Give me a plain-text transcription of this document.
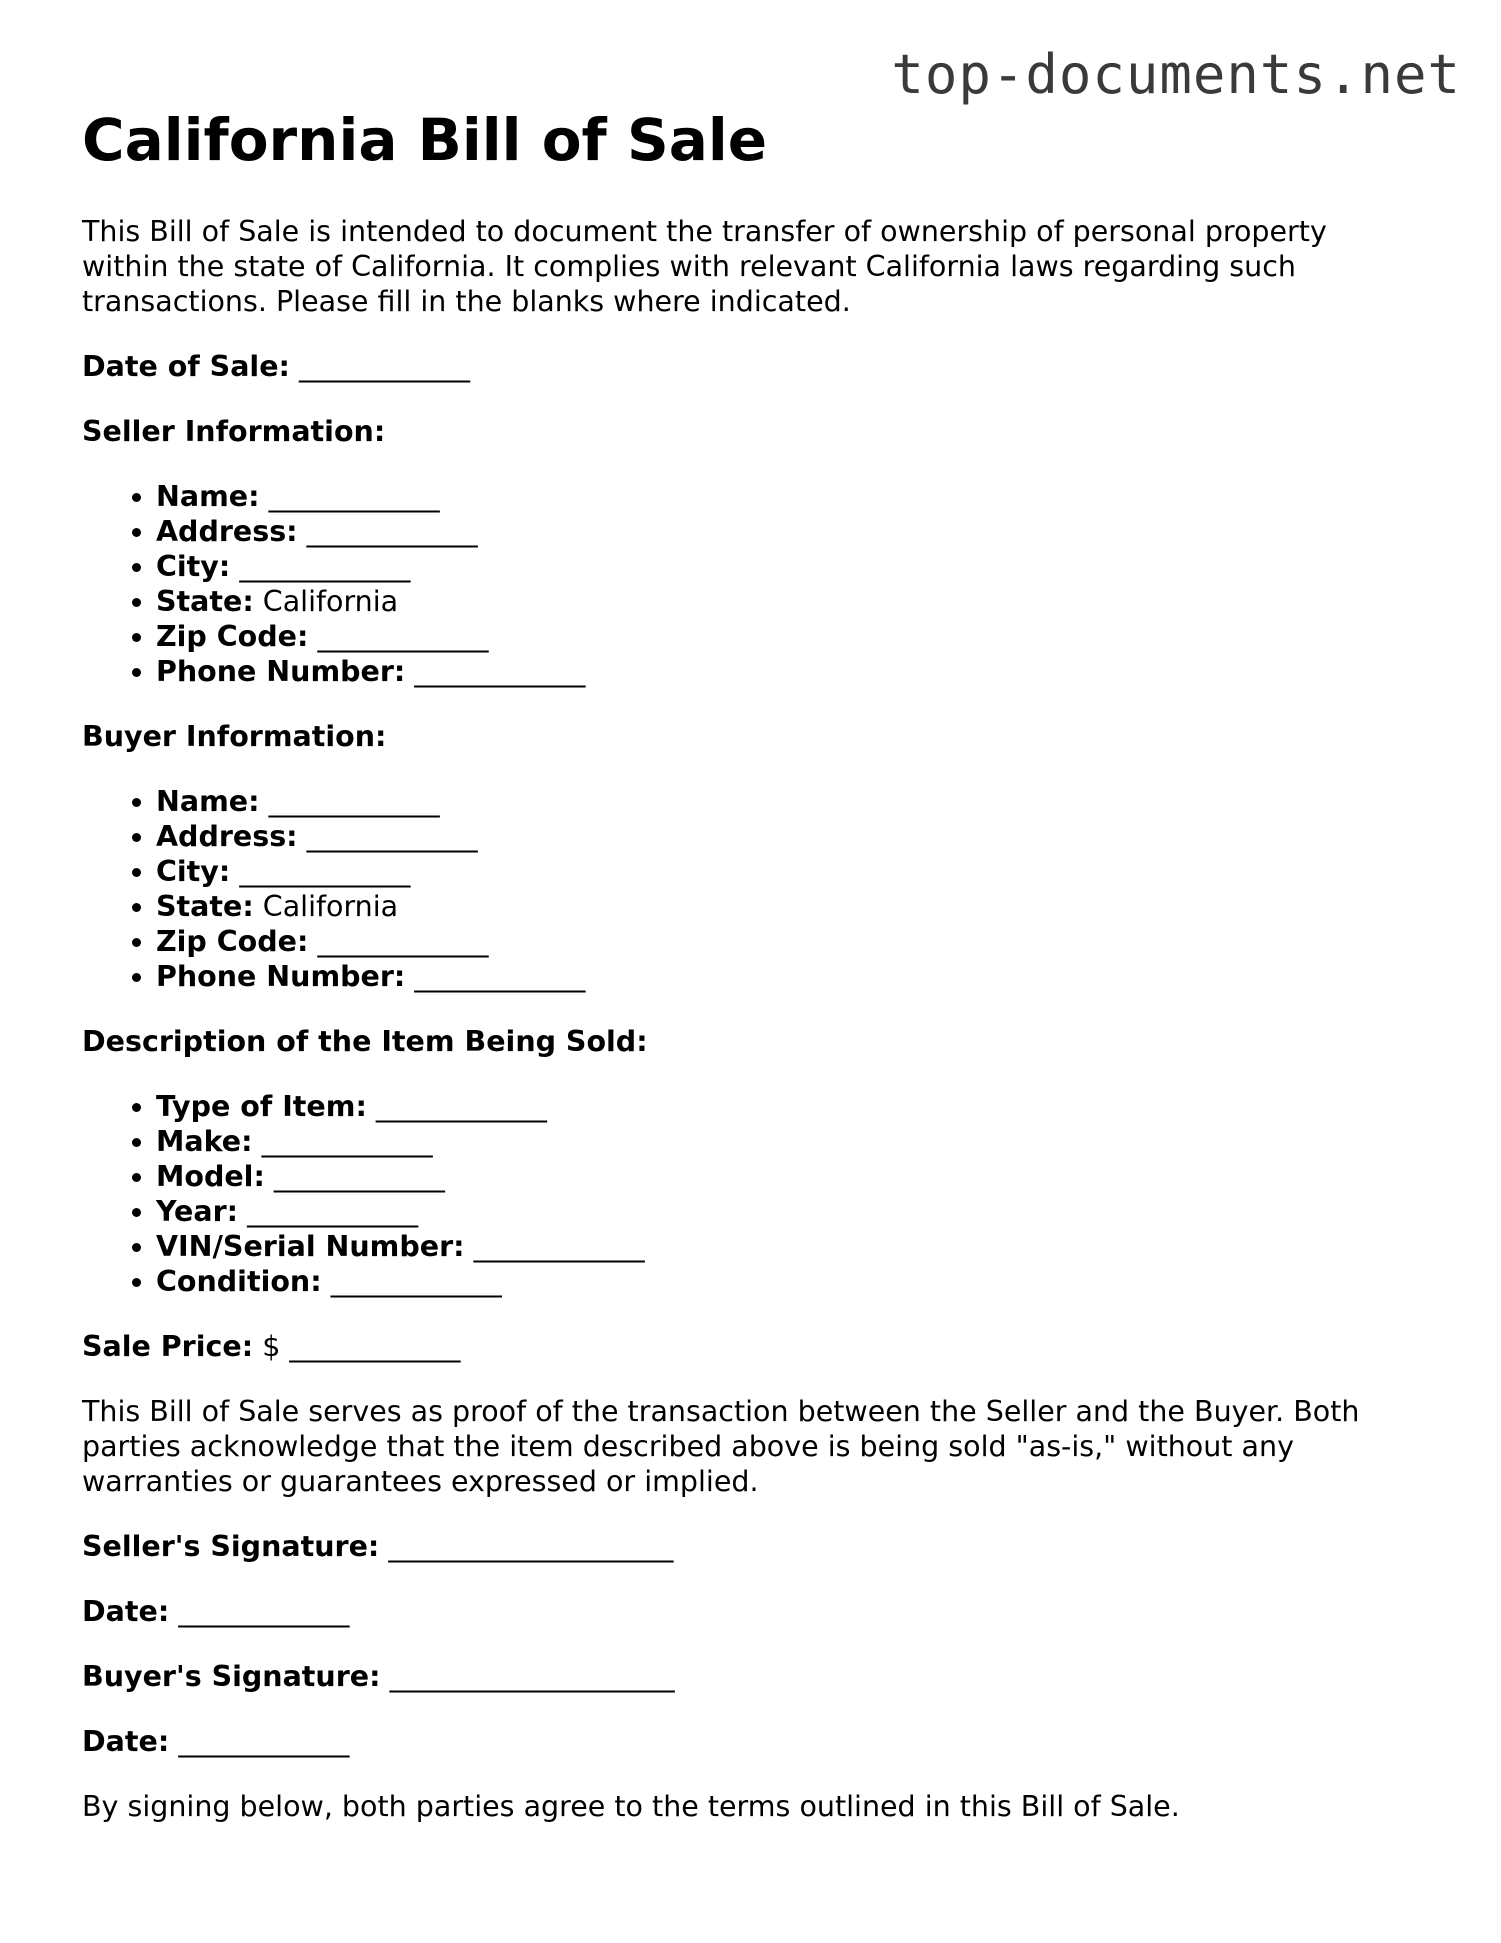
top-documents.net
California Bill of Sale

This Bill of Sale is intended to document the transfer of ownership of personal property within the state of California. It complies with relevant California laws regarding such transactions. Please fill in the blanks where indicated.

Date of Sale: ____________

Seller Information:

• Name: ____________
• Address: ____________
• City: ____________
• State: California
• Zip Code: ____________
• Phone Number: ____________

Buyer Information:

• Name: ____________
• Address: ____________
• City: ____________
• State: California
• Zip Code: ____________
• Phone Number: ____________

Description of the Item Being Sold:

• Type of Item: ____________
• Make: ____________
• Model: ____________
• Year: ____________
• VIN/Serial Number: ____________
• Condition: ____________

Sale Price: $ ____________

This Bill of Sale serves as proof of the transaction between the Seller and the Buyer. Both parties acknowledge that the item described above is being sold "as-is," without any warranties or guarantees expressed or implied.

Seller's Signature: ____________________

Date: ____________

Buyer's Signature: ____________________

Date: ____________

By signing below, both parties agree to the terms outlined in this Bill of Sale.
